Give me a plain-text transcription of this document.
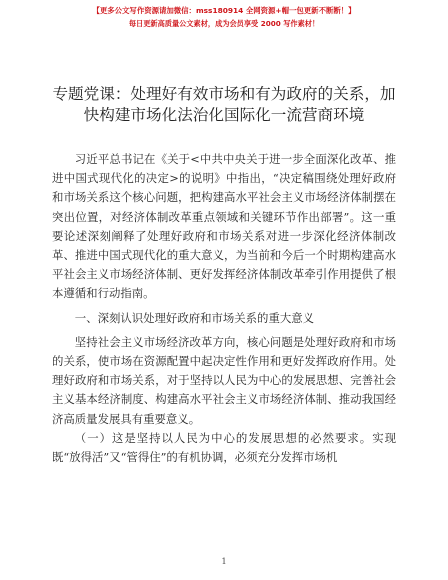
【更多公文写作资源请加微信：mss180914 全网资源+帽一包更新不断断！】
每日更新高质量公文素材，成为会员享受 2000 写作素材！
专题党课：处理好有效市场和有为政府的关系，加快构建市场化法治化国际化一流营商环境

习近平总书记在《关于<中共中央关于进一步全面深化改革、推进中国式现代化的决定>的说明》中指出，“决定稿围绕处理好政府和市场关系这个核心问题，把构建高水平社会主义市场经济体制摆在突出位置，对经济体制改革重点领域和关键环节作出部署”。这一重要论述深刻阐释了处理好政府和市场关系对进一步深化经济体制改革、推进中国式现代化的重大意义，为当前和今后一个时期构建高水平社会主义市场经济体制、更好发挥经济体制改革牵引作用提供了根本遵循和行动指南。

一、深刻认识处理好政府和市场关系的重大意义

坚持社会主义市场经济改革方向，核心问题是处理好政府和市场的关系，使市场在资源配置中起决定性作用和更好发挥政府作用。处理好政府和市场关系，对于坚持以人民为中心的发展思想、完善社会主义基本经济制度、构建高水平社会主义市场经济体制、推动我国经济高质量发展具有重要意义。

（一）这是坚持以人民为中心的发展思想的必然要求。实现既“放得活”又“管得住”的有机协调，必须充分发挥市场机

1
